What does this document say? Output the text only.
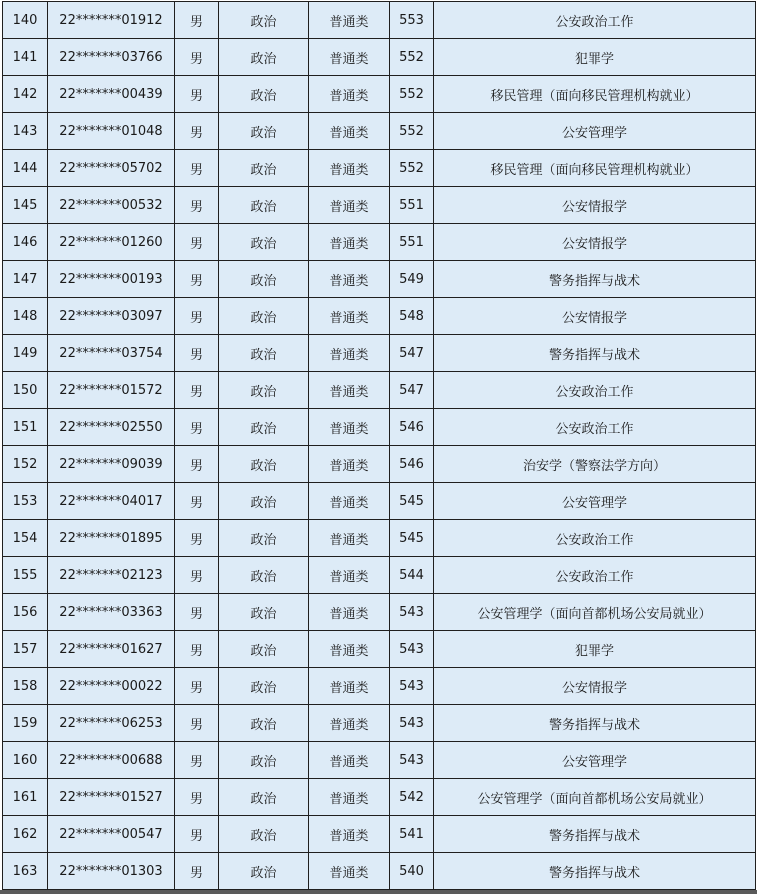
140	22*******01912	男	政治	普通类	553	公安政治工作
141	22*******03766	男	政治	普通类	552	犯罪学
142	22*******00439	男	政治	普通类	552	移民管理（面向移民管理机构就业）
143	22*******01048	男	政治	普通类	552	公安管理学
144	22*******05702	男	政治	普通类	552	移民管理（面向移民管理机构就业）
145	22*******00532	男	政治	普通类	551	公安情报学
146	22*******01260	男	政治	普通类	551	公安情报学
147	22*******00193	男	政治	普通类	549	警务指挥与战术
148	22*******03097	男	政治	普通类	548	公安情报学
149	22*******03754	男	政治	普通类	547	警务指挥与战术
150	22*******01572	男	政治	普通类	547	公安政治工作
151	22*******02550	男	政治	普通类	546	公安政治工作
152	22*******09039	男	政治	普通类	546	治安学（警察法学方向）
153	22*******04017	男	政治	普通类	545	公安管理学
154	22*******01895	男	政治	普通类	545	公安政治工作
155	22*******02123	男	政治	普通类	544	公安政治工作
156	22*******03363	男	政治	普通类	543	公安管理学（面向首都机场公安局就业）
157	22*******01627	男	政治	普通类	543	犯罪学
158	22*******00022	男	政治	普通类	543	公安情报学
159	22*******06253	男	政治	普通类	543	警务指挥与战术
160	22*******00688	男	政治	普通类	543	公安管理学
161	22*******01527	男	政治	普通类	542	公安管理学（面向首都机场公安局就业）
162	22*******00547	男	政治	普通类	541	警务指挥与战术
163	22*******01303	男	政治	普通类	540	警务指挥与战术
